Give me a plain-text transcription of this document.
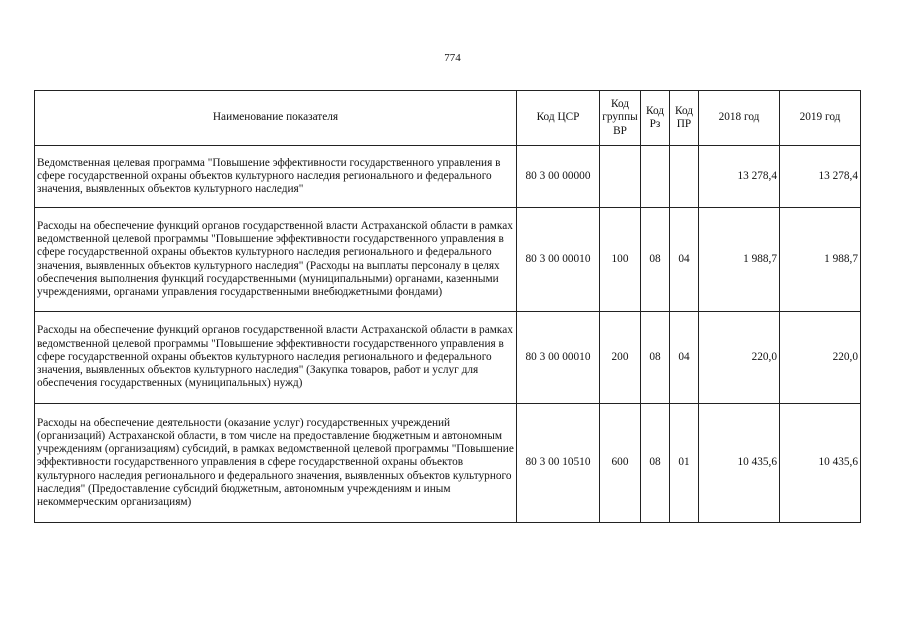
774
Наименование показателя	Код ЦСР	Код группы ВР	Код Рз	Код ПР	2018 год	2019 год
Ведомственная целевая программа "Повышение эффективности государственного управления в сфере государственной охраны объектов культурного наследия регионального и федерального значения, выявленных объектов культурного наследия"	80 3 00 00000				13 278,4	13 278,4
Расходы на обеспечение функций органов государственной власти Астраханской области в рамках ведомственной целевой программы "Повышение эффективности государственного управления в сфере государственной охраны объектов культурного наследия регионального и федерального значения, выявленных объектов культурного наследия" (Расходы на выплаты персоналу в целях обеспечения выполнения функций государственными (муниципальными) органами, казенными учреждениями, органами управления государственными внебюджетными фондами)	80 3 00 00010	100	08	04	1 988,7	1 988,7
Расходы на обеспечение функций органов государственной власти Астраханской области в рамках ведомственной целевой программы "Повышение эффективности государственного управления в сфере государственной охраны объектов культурного наследия регионального и федерального значения, выявленных объектов культурного наследия" (Закупка товаров, работ и услуг для обеспечения государственных (муниципальных) нужд)	80 3 00 00010	200	08	04	220,0	220,0
Расходы на обеспечение деятельности (оказание услуг) государственных учреждений (организаций) Астраханской области, в том числе на предоставление бюджетным и автономным учреждениям (организациям) субсидий, в рамках ведомственной целевой программы "Повышение эффективности государственного управления в сфере государственной охраны объектов культурного наследия регионального и федерального значения, выявленных объектов культурного наследия" (Предоставление субсидий бюджетным, автономным учреждениям и иным некоммерческим организациям)	80 3 00 10510	600	08	01	10 435,6	10 435,6
